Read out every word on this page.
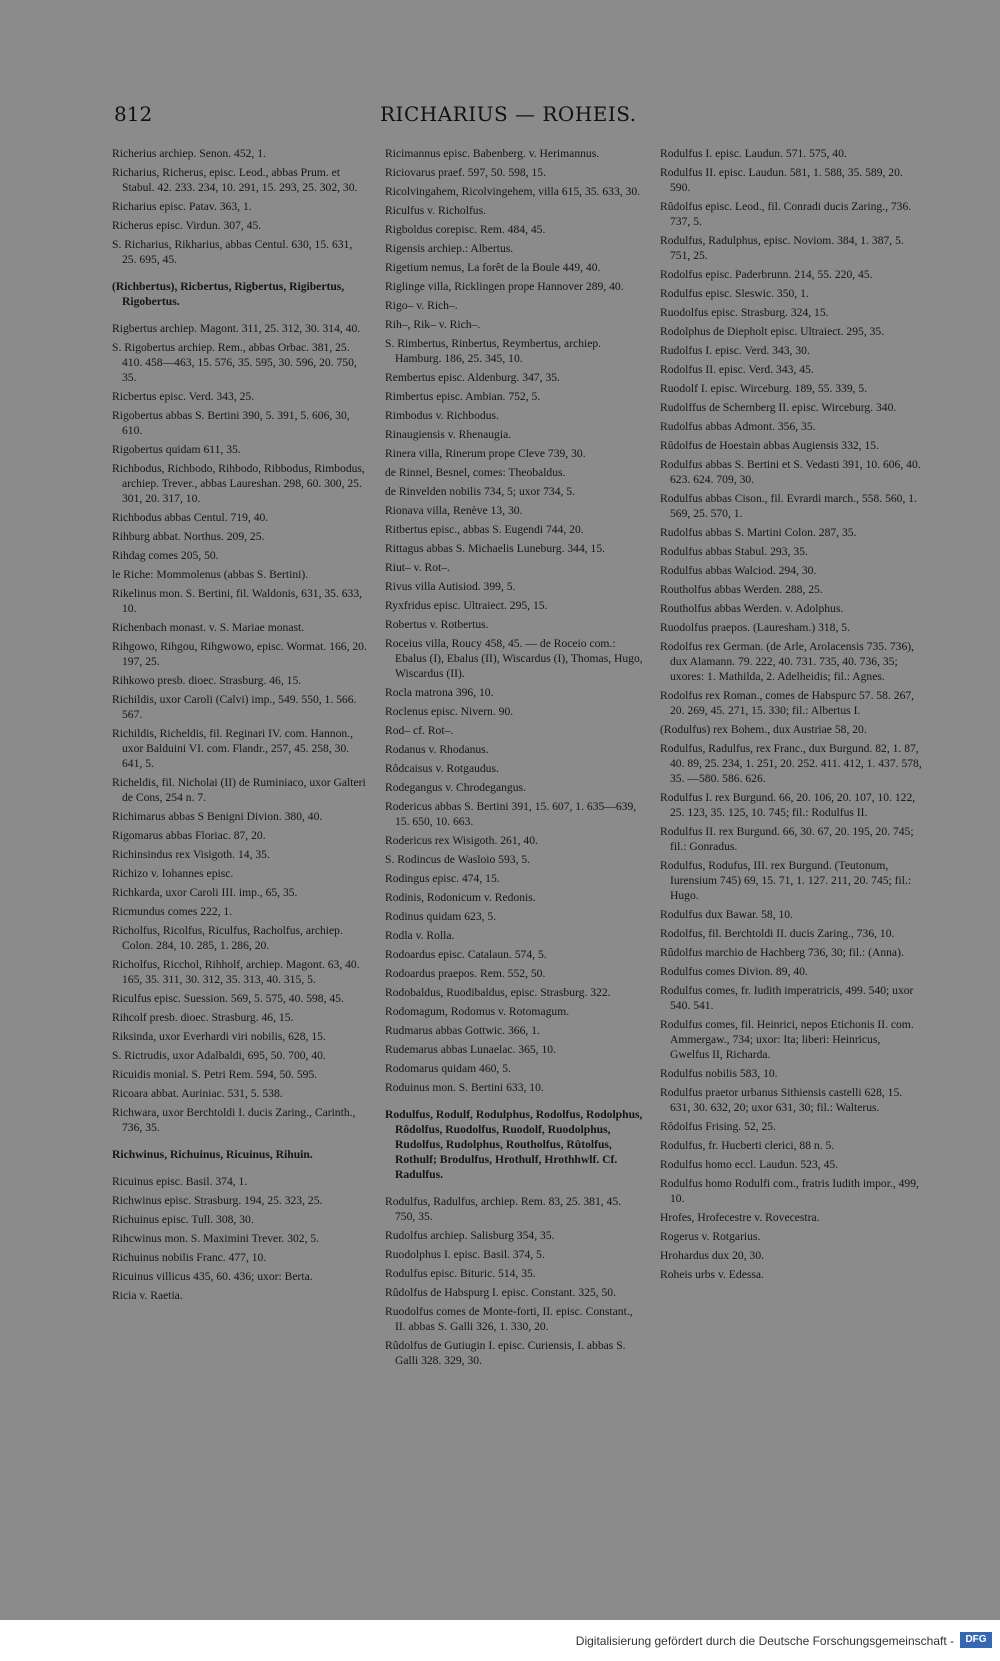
812	RICHARIUS — ROHEIS.
Richerius archiep. Senon. 452, 1.
Richarius, Richerus, episc. Leod., abbas Prum. et Stabul. 42. 233. 234, 10. 291, 15. 293, 25. 302, 30.
Richarius episc. Patav. 363, 1.
Richerus episc. Virdun. 307, 45.
S. Richarius, Rikharius, abbas Centul. 630, 15. 631, 25. 695, 45.
(Richbertus), Ricbertus, Rigbertus, Rigibertus, Rigobertus.
Rigbertus archiep. Magont. 311, 25. 312, 30. 314, 40.
S. Rigobertus archiep. Rem., abbas Orbac. 381, 25. 410. 458—463, 15. 576, 35. 595, 30. 596, 20. 750, 35.
Ricbertus episc. Verd. 343, 25.
Rigobertus abbas S. Bertini 390, 5. 391, 5. 606, 30, 610.
Rigobertus quidam 611, 35.
Richbodus, Richbodo, Rihbodo, Ribbodus, Rimbodus, archiep. Trever., abbas Laureshan. 298, 60. 300, 25. 301, 20. 317, 10.
Richbodus abbas Centul. 719, 40.
Rihburg abbat. Northus. 209, 25.
Rihdag comes 205, 50.
le Riche: Mommolenus (abbas S. Bertini).
Rikelinus mon. S. Bertini, fil. Waldonis, 631, 35. 633, 10.
Richenbach monast. v. S. Mariae monast.
Rihgowo, Rihgou, Rihgwowo, episc. Wormat. 166, 20. 197, 25.
Rihkowo presb. dioec. Strasburg. 46, 15.
Richildis, uxor Caroli (Calvi) imp., 549. 550, 1. 566. 567.
Richildis, Richeldis, fil. Reginari IV. com. Hannon., uxor Balduini VI. com. Flandr., 257, 45. 258, 30. 641, 5.
Richeldis, fil. Nicholai (II) de Ruminiaco, uxor Galteri de Cons, 254 n. 7.
Richimarus abbas S Benigni Divion. 380, 40.
Rigomarus abbas Floriac. 87, 20.
Richinsindus rex Visigoth. 14, 35.
Richizo v. Iohannes episc.
Richkarda, uxor Caroli III. imp., 65, 35.
Ricmundus comes 222, 1.
Richolfus, Ricolfus, Riculfus, Racholfus, archiep. Colon. 284, 10. 285, 1. 286, 20.
Richolfus, Ricchol, Rihholf, archiep. Magont. 63, 40. 165, 35. 311, 30. 312, 35. 313, 40. 315, 5.
Riculfus episc. Suession. 569, 5. 575, 40. 598, 45.
Rihcolf presb. dioec. Strasburg. 46, 15.
Riksinda, uxor Everhardi viri nobilis, 628, 15.
S. Rictrudis, uxor Adalbaldi, 695, 50. 700, 40.
Ricuidis monial. S. Petri Rem. 594, 50. 595.
Ricoara abbat. Auriniac. 531, 5. 538.
Richwara, uxor Berchtoldi I. ducis Zaring., Carinth., 736, 35.
Richwinus, Richuinus, Ricuinus, Rihuin.
Ricuinus episc. Basil. 374, 1.
Richwinus episc. Strasburg. 194, 25. 323, 25.
Richuinus episc. Tull. 308, 30.
Rihcwinus mon. S. Maximini Trever. 302, 5.
Richuinus nobilis Franc. 477, 10.
Ricuinus villicus 435, 60. 436; uxor: Berta.
Ricia v. Raetia.
Ricimannus episc. Babenberg. v. Herimannus.
Riciovarus praef. 597, 50. 598, 15.
Ricolvingahem, Ricolvingehem, villa 615, 35. 633, 30.
Riculfus v. Richolfus.
Rigboldus corepisc. Rem. 484, 45.
Rigensis archiep.: Albertus.
Rigetium nemus, La forêt de la Boule 449, 40.
Riglinge villa, Ricklingen prope Hannover 289, 40.
Rigo– v. Rich–.
Rih–, Rik– v. Rich–.
S. Rimbertus, Rinbertus, Reymbertus, archiep. Hamburg. 186, 25. 345, 10.
Rembertus episc. Aldenburg. 347, 35.
Rimbertus episc. Ambian. 752, 5.
Rimbodus v. Richbodus.
Rinaugiensis v. Rhenaugia.
Rinera villa, Rinerum prope Cleve 739, 30.
de Rinnel, Besnel, comes: Theobaldus.
de Rinvelden nobilis 734, 5; uxor 734, 5.
Rionava villa, Renève 13, 30.
Ritbertus episc., abbas S. Eugendi 744, 20.
Rittagus abbas S. Michaelis Luneburg. 344, 15.
Riut– v. Rot–.
Rivus villa Autisiod. 399, 5.
Ryxfridus episc. Ultraiect. 295, 15.
Robertus v. Rotbertus.
Roceius villa, Roucy 458, 45. — de Roceio com.: Ebalus (I), Ebalus (II), Wiscardus (I), Thomas, Hugo, Wiscardus (II).
Rocla matrona 396, 10.
Roclenus episc. Nivern. 90.
Rod– cf. Rot–.
Rodanus v. Rhodanus.
Rôdcaisus v. Rotgaudus.
Rodegangus v. Chrodegangus.
Rodericus abbas S. Bertini 391, 15. 607, 1. 635—639, 15. 650, 10. 663.
Rodericus rex Wisigoth. 261, 40.
S. Rodincus de Wasloio 593, 5.
Rodingus episc. 474, 15.
Rodinis, Rodonicum v. Redonis.
Rodinus quidam 623, 5.
Rodla v. Rolla.
Rodoardus episc. Catalaun. 574, 5.
Rodoardus praepos. Rem. 552, 50.
Rodobaldus, Ruodibaldus, episc. Strasburg. 322.
Rodomagum, Rodomus v. Rotomagum.
Rudmarus abbas Gottwic. 366, 1.
Rudemarus abbas Lunaelac. 365, 10.
Rodomarus quidam 460, 5.
Roduinus mon. S. Bertini 633, 10.
Rodulfus, Rodulf, Rodulphus, Rodolfus, Rodolphus, Rôdolfus, Ruodolfus, Ruodolf, Ruodolphus, Rudolfus, Rudolphus, Routholfus, Rûtolfus, Rothulf; Brodulfus, Hrothulf, Hrothhwlf. Cf. Radulfus.
Rodulfus, Radulfus, archiep. Rem. 83, 25. 381, 45. 750, 35.
Rudolfus archiep. Salisburg 354, 35.
Ruodolphus I. episc. Basil. 374, 5.
Rodulfus episc. Bituric. 514, 35.
Rûdolfus de Habspurg I. episc. Constant. 325, 50.
Ruodolfus comes de Monte-forti, II. episc. Constant., II. abbas S. Galli 326, 1. 330, 20.
Rûdolfus de Gutiugin I. episc. Curiensis, I. abbas S. Galli 328. 329, 30.
Rodulfus I. episc. Laudun. 571. 575, 40.
Rodulfus II. episc. Laudun. 581, 1. 588, 35. 589, 20. 590.
Rûdolfus episc. Leod., fil. Conradi ducis Zaring., 736. 737, 5.
Rodulfus, Radulphus, episc. Noviom. 384, 1. 387, 5. 751, 25.
Rodolfus episc. Paderbrunn. 214, 55. 220, 45.
Rodulfus episc. Sleswic. 350, 1.
Ruodolfus episc. Strasburg. 324, 15.
Rodolphus de Diepholt episc. Ultraiect. 295, 35.
Rudolfus I. episc. Verd. 343, 30.
Rodolfus II. episc. Verd. 343, 45.
Ruodolf I. episc. Wirceburg. 189, 55. 339, 5.
Rudolffus de Schernberg II. episc. Wirceburg. 340.
Rudolfus abbas Admont. 356, 35.
Rûdolfus de Hoestain abbas Augiensis 332, 15.
Rodulfus abbas S. Bertini et S. Vedasti 391, 10. 606, 40. 623. 624. 709, 30.
Rodulfus abbas Cison., fil. Evrardi march., 558. 560, 1. 569, 25. 570, 1.
Rudolfus abbas S. Martini Colon. 287, 35.
Rodulfus abbas Stabul. 293, 35.
Rodulfus abbas Walciod. 294, 30.
Routholfus abbas Werden. 288, 25.
Routholfus abbas Werden. v. Adolphus.
Ruodolfus praepos. (Lauresham.) 318, 5.
Rodolfus rex German. (de Arle, Arolacensis 735. 736), dux Alamann. 79. 222, 40. 731. 735, 40. 736, 35; uxores: 1. Mathilda, 2. Adelheidis; fil.: Agnes.
Rodolfus rex Roman., comes de Habspurc 57. 58. 267, 20. 269, 45. 271, 15. 330; fil.: Albertus I.
(Rodulfus) rex Bohem., dux Austriae 58, 20.
Rodulfus, Radulfus, rex Franc., dux Burgund. 82, 1. 87, 40. 89, 25. 234, 1. 251, 20. 252. 411. 412, 1. 437. 578, 35. —580. 586. 626.
Rodulfus I. rex Burgund. 66, 20. 106, 20. 107, 10. 122, 25. 123, 35. 125, 10. 745; fil.: Rodulfus II.
Rodulfus II. rex Burgund. 66, 30. 67, 20. 195, 20. 745; fil.: Gonradus.
Rodulfus, Rodufus, III. rex Burgund. (Teutonum, Iurensium 745) 69, 15. 71, 1. 127. 211, 20. 745; fil.: Hugo.
Rodulfus dux Bawar. 58, 10.
Rodolfus, fil. Berchtoldi II. ducis Zaring., 736, 10.
Rûdolfus marchio de Hachberg 736, 30; fil.: (Anna).
Rodulfus comes Divion. 89, 40.
Rodulfus comes, fr. Iudith imperatricis, 499. 540; uxor 540. 541.
Rodulfus comes, fil. Heinrici, nepos Etichonis II. com. Ammergaw., 734; uxor: Ita; liberi: Heinricus, Gwelfus II, Richarda.
Rodulfus nobilis 583, 10.
Rodulfus praetor urbanus Sithiensis castelli 628, 15. 631, 30. 632, 20; uxor 631, 30; fil.: Walterus.
Rôdolfus Frising. 52, 25.
Rodulfus, fr. Hucberti clerici, 88 n. 5.
Rodulfus homo eccl. Laudun. 523, 45.
Rodulfus homo Rodulfi com., fratris Iudith impor., 499, 10.
Hrofes, Hrofecestre v. Rovecestra.
Rogerus v. Rotgarius.
Hrohardus dux 20, 30.
Roheis urbs v. Edessa.
Digitalisierung gefördert durch die Deutsche Forschungsgemeinschaft -	DFG
